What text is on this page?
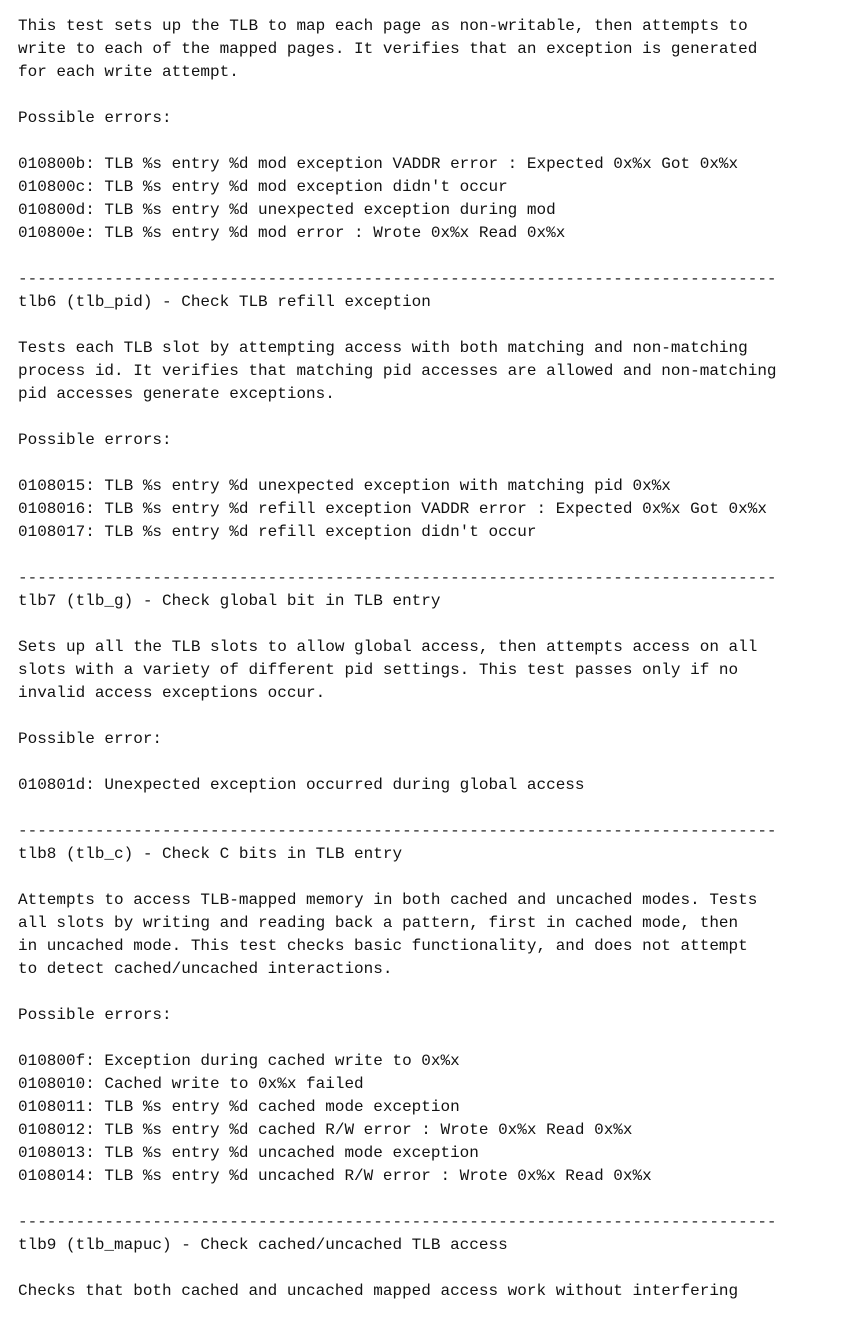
This test sets up the TLB to map each page as non-writable, then attempts to
write to each of the mapped pages. It verifies that an exception is generated
for each write attempt.
Possible errors:
010800b: TLB %s entry %d mod exception VADDR error : Expected 0x%x Got 0x%x
010800c: TLB %s entry %d mod exception didn't occur
010800d: TLB %s entry %d unexpected exception during mod
010800e: TLB %s entry %d mod error : Wrote 0x%x Read 0x%x
-------------------------------------------------------------------------------
tlb6 (tlb_pid) - Check TLB refill exception
Tests each TLB slot by attempting access with both matching and non-matching
process id. It verifies that matching pid accesses are allowed and non-matching
pid accesses generate exceptions.
Possible errors:
0108015: TLB %s entry %d unexpected exception with matching pid 0x%x
0108016: TLB %s entry %d refill exception VADDR error : Expected 0x%x Got 0x%x
0108017: TLB %s entry %d refill exception didn't occur
-------------------------------------------------------------------------------
tlb7 (tlb_g) - Check global bit in TLB entry
Sets up all the TLB slots to allow global access, then attempts access on all
slots with a variety of different pid settings. This test passes only if no
invalid access exceptions occur.
Possible error:
010801d: Unexpected exception occurred during global access
-------------------------------------------------------------------------------
tlb8 (tlb_c) - Check C bits in TLB entry
Attempts to access TLB-mapped memory in both cached and uncached modes. Tests
all slots by writing and reading back a pattern, first in cached mode, then
in uncached mode. This test checks basic functionality, and does not attempt
to detect cached/uncached interactions.
Possible errors:
010800f: Exception during cached write to 0x%x
0108010: Cached write to 0x%x failed
0108011: TLB %s entry %d cached mode exception
0108012: TLB %s entry %d cached R/W error : Wrote 0x%x Read 0x%x
0108013: TLB %s entry %d uncached mode exception
0108014: TLB %s entry %d uncached R/W error : Wrote 0x%x Read 0x%x
-------------------------------------------------------------------------------
tlb9 (tlb_mapuc) - Check cached/uncached TLB access
Checks that both cached and uncached mapped access work without interfering
